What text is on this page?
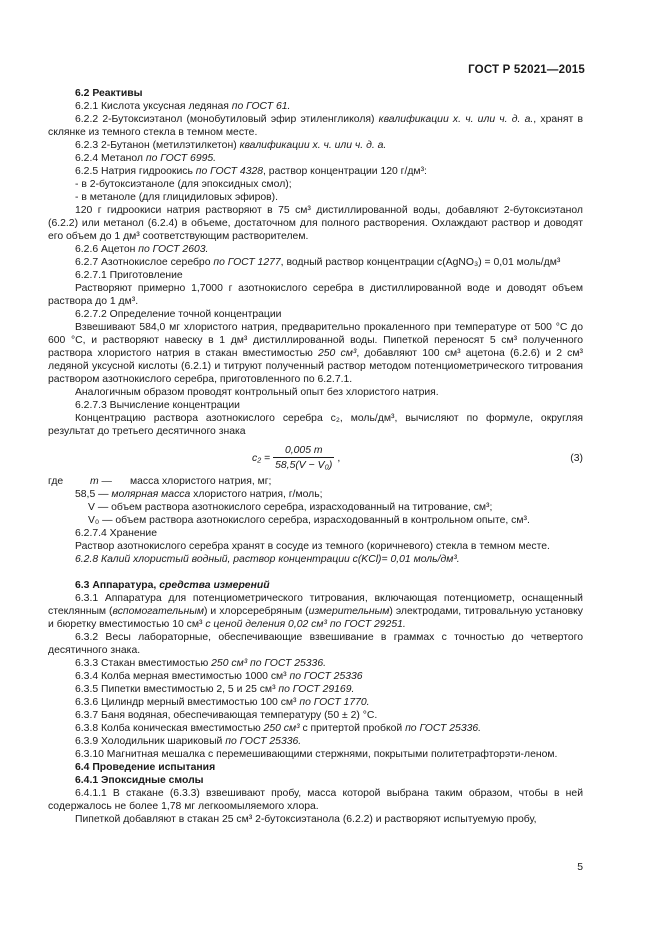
ГОСТ Р 52021—2015

6.2 Реактивы

6.2.1 Кислота уксусная ледяная по ГОСТ 61.

6.2.2 2-Бутоксиэтанол (монобутиловый эфир этиленгликоля) квалификации х. ч. или ч. д. а., хранят в склянке из темного стекла в темном месте.

6.2.3 2-Бутанон (метилэтилкетон) квалификации х. ч. или ч. д. а.

6.2.4 Метанол по ГОСТ 6995.

6.2.5 Натрия гидроокись по ГОСТ 4328, раствор концентрации 120 г/дм³:

- в 2-бутоксиэтаноле (для эпоксидных смол);

- в метаноле (для глицидиловых эфиров).

120 г гидроокиси натрия растворяют в 75 см³ дистиллированной воды, добавляют 2-бутоксиэтанол (6.2.2) или метанол (6.2.4) в объеме, достаточном для полного растворения. Охлаждают раствор и доводят его объем до 1 дм³ соответствующим растворителем.

6.2.6 Ацетон по ГОСТ 2603.

6.2.7 Азотнокислое серебро по ГОСТ 1277, водный раствор концентрации c(AgNO₃) = 0,01 моль/дм³

6.2.7.1 Приготовление

Растворяют примерно 1,7000 г азотнокислого серебра в дистиллированной воде и доводят объем раствора до 1 дм³.

6.2.7.2 Определение точной концентрации

Взвешивают 584,0 мг хлористого натрия, предварительно прокаленного при температуре от 500 °С до 600 °С, и растворяют навеску в 1 дм³ дистиллированной воды. Пипеткой переносят 5 см³ полученного раствора хлористого натрия в стакан вместимостью 250 см³, добавляют 100 см³ ацетона (6.2.6) и 2 см³ ледяной уксусной кислоты (6.2.1) и титруют полученный раствор методом потенциометрического титрования раствором азотнокислого серебра, приготовленного по 6.2.7.1.

Аналогичным образом проводят контрольный опыт без хлористого натрия.

6.2.7.3 Вычисление концентрации

Концентрацию раствора азотнокислого серебра c₂, моль/дм³, вычисляют по формуле, округляя результат до третьего десятичного знака

$c_2 = \frac{0,005 m}{\text{58,5(V − V₀)}}$ ,	(3)
где	m —	масса хлористого натрия, мг;

58,5 — молярная масса хлористого натрия, г/моль;

V — объем раствора азотнокислого серебра, израсходованный на титрование, см³;

V₀ — объем раствора азотнокислого серебра, израсходованный в контрольном опыте, см³.

6.2.7.4 Хранение

Раствор азотнокислого серебра хранят в сосуде из темного (коричневого) стекла в темном месте.

6.2.8 Калий хлористый водный, раствор концентрации c(KCl)= 0,01 моль/дм³.

6.3 Аппаратура, средства измерений

6.3.1 Аппаратура для потенциометрического титрования, включающая потенциометр, оснащенный стеклянным (вспомогательным) и хлорсеребряным (измерительным) электродами, титровальную установку и бюретку вместимостью 10 см³ с ценой деления 0,02 см³ по ГОСТ 29251.

6.3.2 Весы лабораторные, обеспечивающие взвешивание в граммах с точностью до четвертого десятичного знака.

6.3.3 Стакан вместимостью 250 см³ по ГОСТ 25336.

6.3.4 Колба мерная вместимостью 1000 см³ по ГОСТ 25336

6.3.5 Пипетки вместимостью 2, 5 и 25 см³ по ГОСТ 29169.

6.3.6 Цилиндр мерный вместимостью 100 см³ по ГОСТ 1770.

6.3.7 Баня водяная, обеспечивающая температуру (50 ± 2) °С.

6.3.8 Колба коническая вместимостью 250 см³ с притертой пробкой по ГОСТ 25336.

6.3.9 Холодильник шариковый по ГОСТ 25336.

6.3.10 Магнитная мешалка с перемешивающими стержнями, покрытыми политетрафторэти-леном.

6.4 Проведение испытания

6.4.1 Эпоксидные смолы

6.4.1.1 В стакане (6.3.3) взвешивают пробу, масса которой выбрана таким образом, чтобы в ней содержалось не более 1,78 мг легкоомыляемого хлора.

Пипеткой добавляют в стакан 25 см³ 2-бутоксиэтанола (6.2.2) и растворяют испытуемую пробу,

5
